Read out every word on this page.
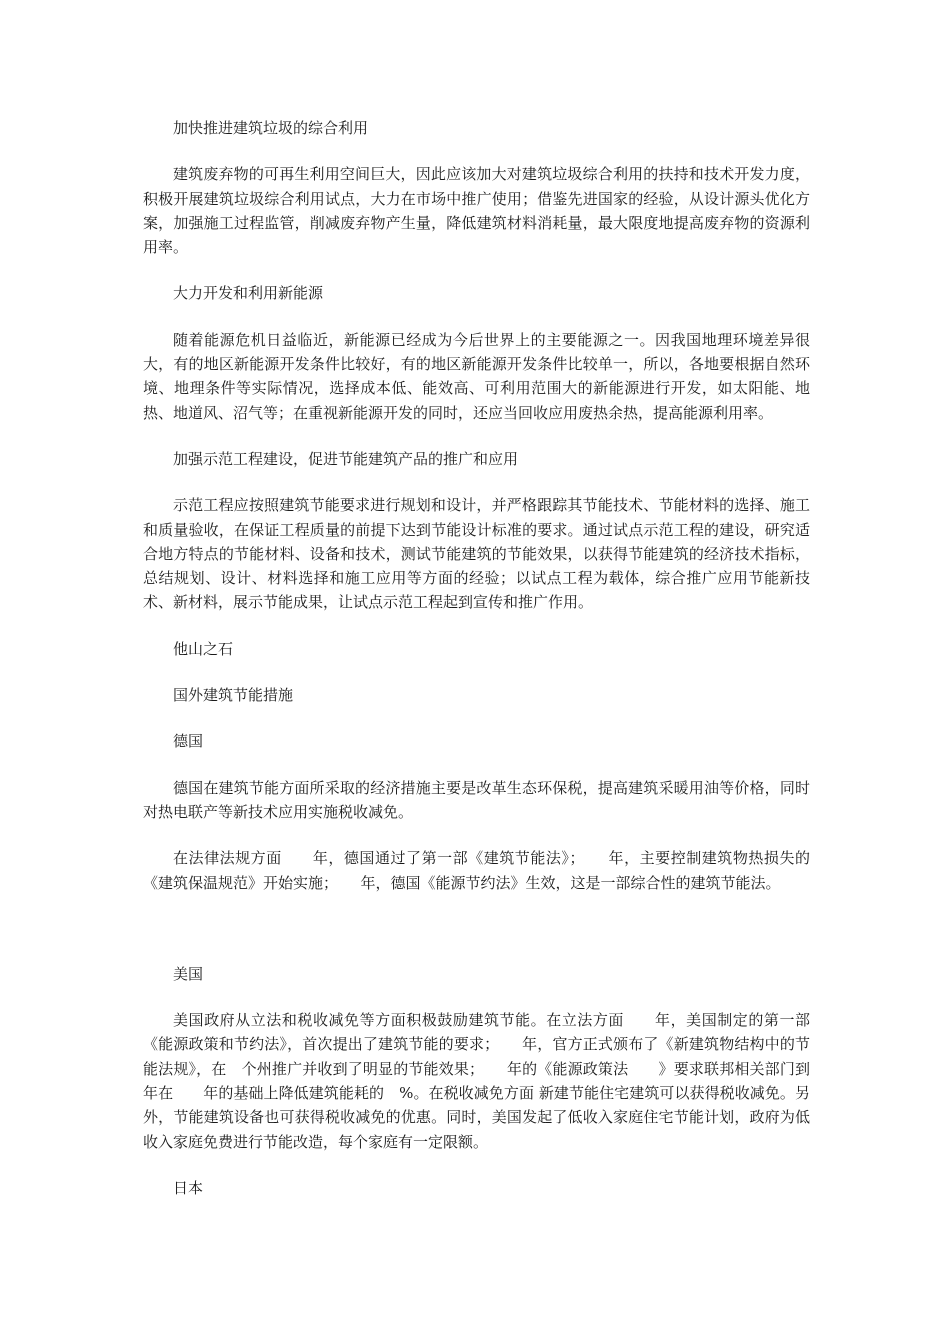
加快推进建筑垃圾的综合利用

建筑废弃物的可再生利用空间巨大，因此应该加大对建筑垃圾综合利用的扶持和技术开发力度，积极开展建筑垃圾综合利用试点，大力在市场中推广使用；借鉴先进国家的经验，从设计源头优化方案，加强施工过程监管，削减废弃物产生量，降低建筑材料消耗量，最大限度地提高废弃物的资源利用率。

大力开发和利用新能源

随着能源危机日益临近，新能源已经成为今后世界上的主要能源之一。因我国地理环境差异很大，有的地区新能源开发条件比较好，有的地区新能源开发条件比较单一，所以，各地要根据自然环境、地理条件等实际情况，选择成本低、能效高、可利用范围大的新能源进行开发，如太阳能、地热、地道风、沼气等；在重视新能源开发的同时，还应当回收应用废热余热，提高能源利用率。

加强示范工程建设，促进节能建筑产品的推广和应用

示范工程应按照建筑节能要求进行规划和设计，并严格跟踪其节能技术、节能材料的选择、施工和质量验收，在保证工程质量的前提下达到节能设计标准的要求。通过试点示范工程的建设，研究适合地方特点的节能材料、设备和技术，测试节能建筑的节能效果，以获得节能建筑的经济技术指标，总结规划、设计、材料选择和施工应用等方面的经验；以试点工程为载体，综合推广应用节能新技术、新材料，展示节能成果，让试点示范工程起到宣传和推广作用。

他山之石

国外建筑节能措施

德国

德国在建筑节能方面所采取的经济措施主要是改革生态环保税，提高建筑采暖用油等价格，同时对热电联产等新技术应用实施税收减免。

在法律法规方面　　年，德国通过了第一部《建筑节能法》；　　年，主要控制建筑物热损失的《建筑保温规范》开始实施；　　年，德国《能源节约法》生效，这是一部综合性的建筑节能法。

美国

美国政府从立法和税收减免等方面积极鼓励建筑节能。在立法方面　　年，美国制定的第一部《能源政策和节约法》，首次提出了建筑节能的要求；　　年，官方正式颁布了《新建筑物结构中的节能法规》，在　个州推广并收到了明显的节能效果；　　年的《能源政策法　　》要求联邦相关部门到　　年在　　年的基础上降低建筑能耗的　%。在税收减免方面 新建节能住宅建筑可以获得税收减免。另外，节能建筑设备也可获得税收减免的优惠。同时，美国发起了低收入家庭住宅节能计划，政府为低收入家庭免费进行节能改造，每个家庭有一定限额。

日本
